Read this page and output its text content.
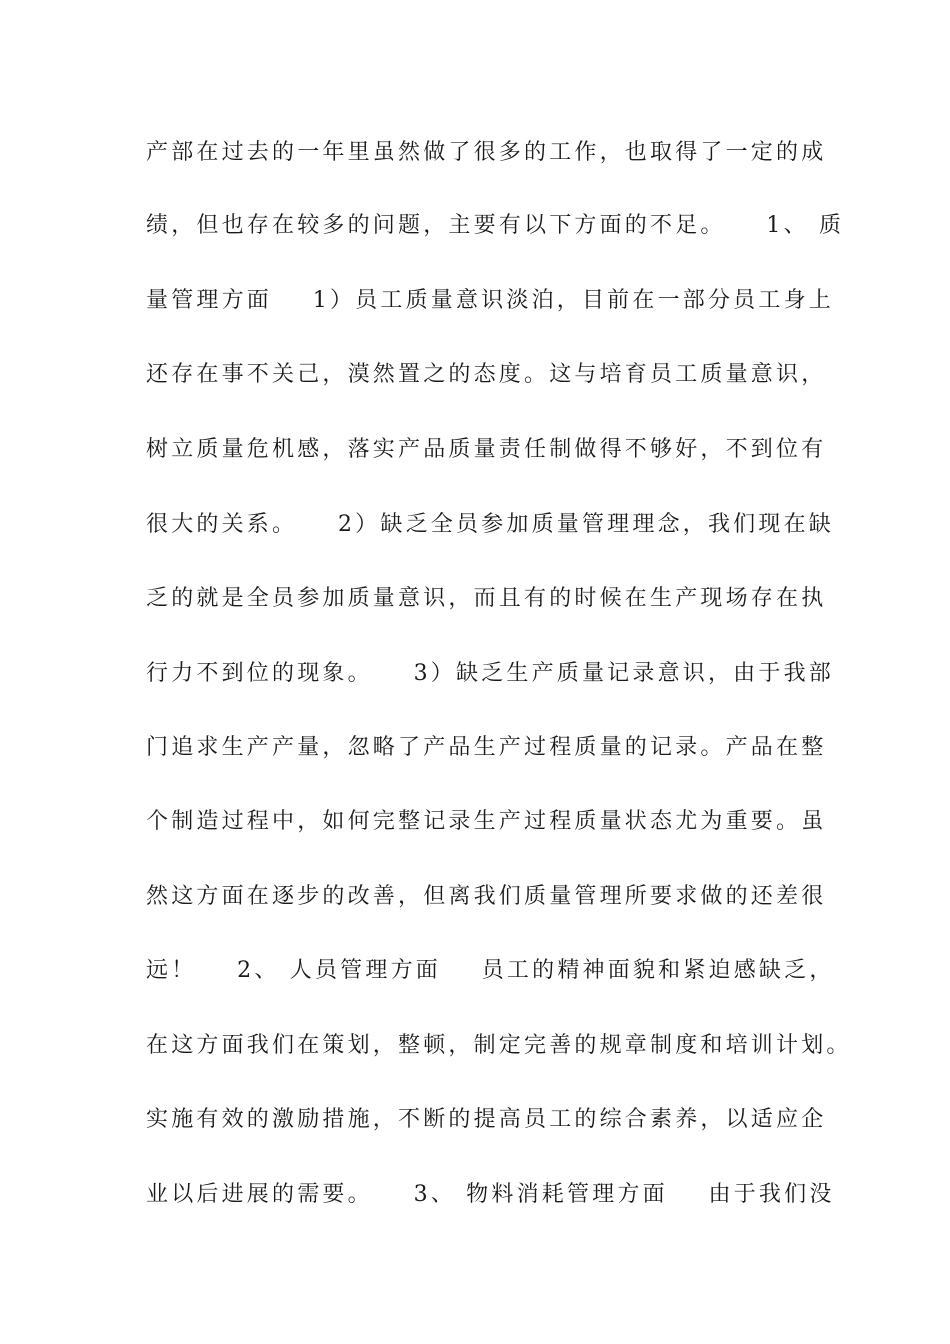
产部在过去的一年里虽然做了很多的工作，也取得了一定的成
绩，但也存在较多的问题，主要有以下方面的不足。    1、 质
量管理方面    1）员工质量意识淡泊，目前在一部分员工身上
还存在事不关己，漠然置之的态度。这与培育员工质量意识，
树立质量危机感，落实产品质量责任制做得不够好，不到位有
很大的关系。    2）缺乏全员参加质量管理理念，我们现在缺
乏的就是全员参加质量意识，而且有的时候在生产现场存在执
行力不到位的现象。    3）缺乏生产质量记录意识，由于我部
门追求生产产量，忽略了产品生产过程质量的记录。产品在整
个制造过程中，如何完整记录生产过程质量状态尤为重要。虽
然这方面在逐步的改善，但离我们质量管理所要求做的还差很
远！    2、 人员管理方面    员工的精神面貌和紧迫感缺乏，
在这方面我们在策划，整顿，制定完善的规章制度和培训计划。
实施有效的激励措施，不断的提高员工的综合素养，以适应企
业以后进展的需要。    3、 物料消耗管理方面    由于我们没
